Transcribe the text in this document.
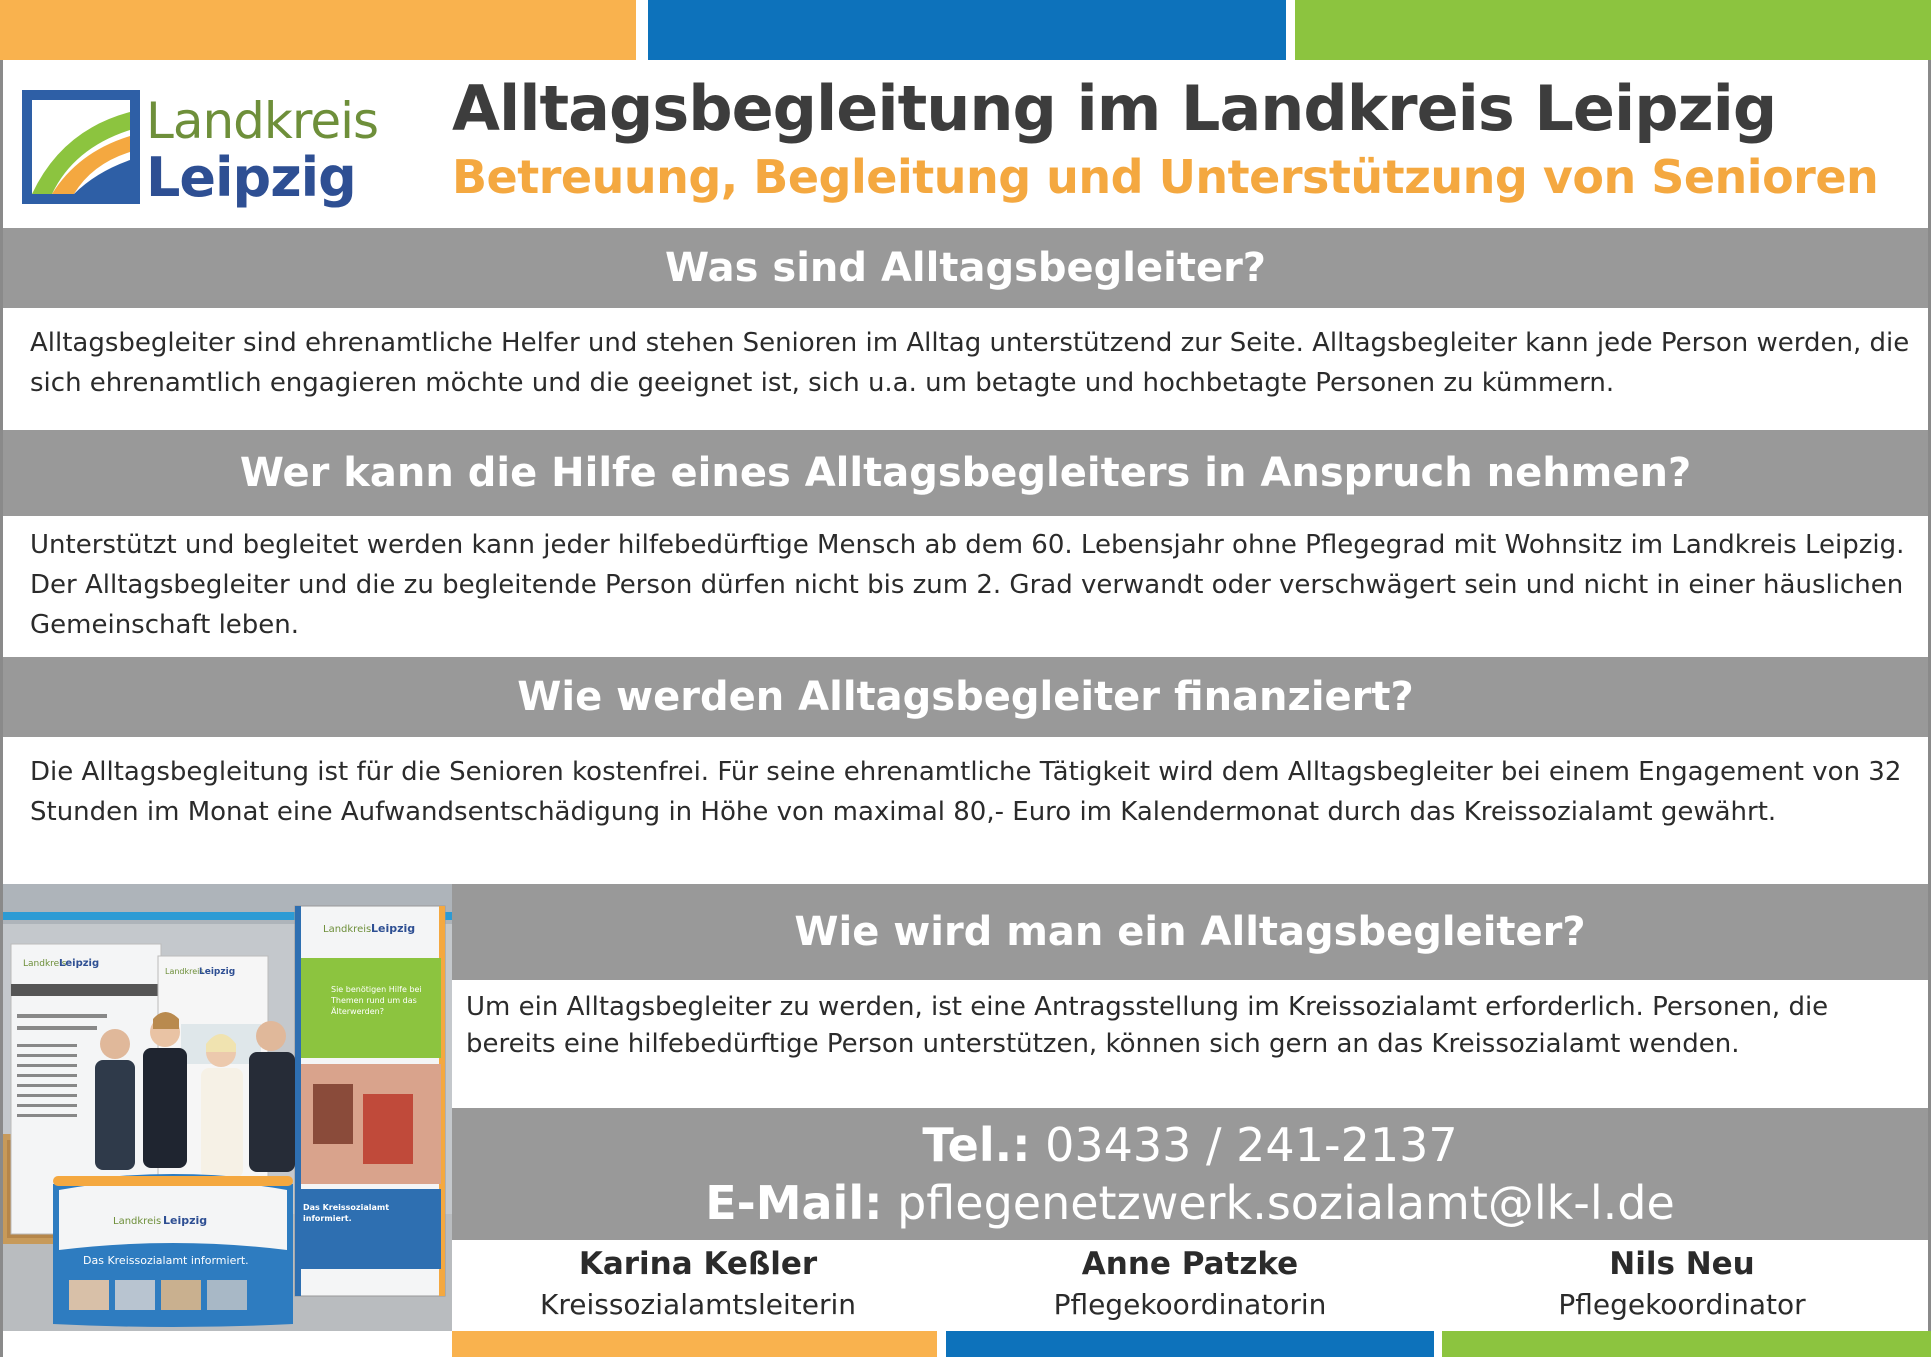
Landkreis
Leipzig
Alltagsbegleitung im Landkreis Leipzig
Betreuung, Begleitung und Unterstützung von Senioren
Was sind Alltagsbegleiter?
Alltagsbegleiter sind ehrenamtliche Helfer und stehen Senioren im Alltag unterstützend zur Seite. Alltagsbegleiter kann jede Person werden, die sich ehrenamtlich engagieren möchte und die geeignet ist, sich u.a. um betagte und hochbetagte Personen zu kümmern.
Wer kann die Hilfe eines Alltagsbegleiters in Anspruch nehmen?
Unterstützt und begleitet werden kann jeder hilfebedürftige Mensch ab dem 60. Lebensjahr ohne Pflegegrad mit Wohnsitz im Landkreis Leipzig. Der Alltagsbegleiter und die zu begleitende Person dürfen nicht bis zum 2. Grad verwandt oder verschwägert sein und nicht in einer häuslichen Gemeinschaft leben.
Wie werden Alltagsbegleiter finanziert?
Die Alltagsbegleitung ist für die Senioren kostenfrei. Für seine ehrenamtliche Tätigkeit wird dem Alltagsbegleiter bei einem Engagement von 32 Stunden im Monat eine Aufwandsentschädigung in Höhe von maximal 80,- Euro im Kalendermonat durch das Kreissozialamt gewährt.
Landkreis
Leipzig
Landkreis
Leipzig
Landkreis Leipzig
Sie benötigen Hilfe bei Themen rund um das Älterwerden?
Das Kreissozialamt informiert.
Landkreis Leipzig
Das Kreissozialamt informiert.
Wie wird man ein Alltagsbegleiter?
Um ein Alltagsbegleiter zu werden, ist eine Antragsstellung im Kreissozialamt erforderlich. Personen, die bereits eine hilfebedürftige Person unterstützen, können sich gern an das Kreissozialamt wenden.
Tel.: 03433 / 241-2137
E-Mail: pflegenetzwerk.sozialamt@lk-l.de
Karina Keßler
Kreissozialamtsleiterin
Anne Patzke
Pflegekoordinatorin
Nils Neu
Pflegekoordinator
